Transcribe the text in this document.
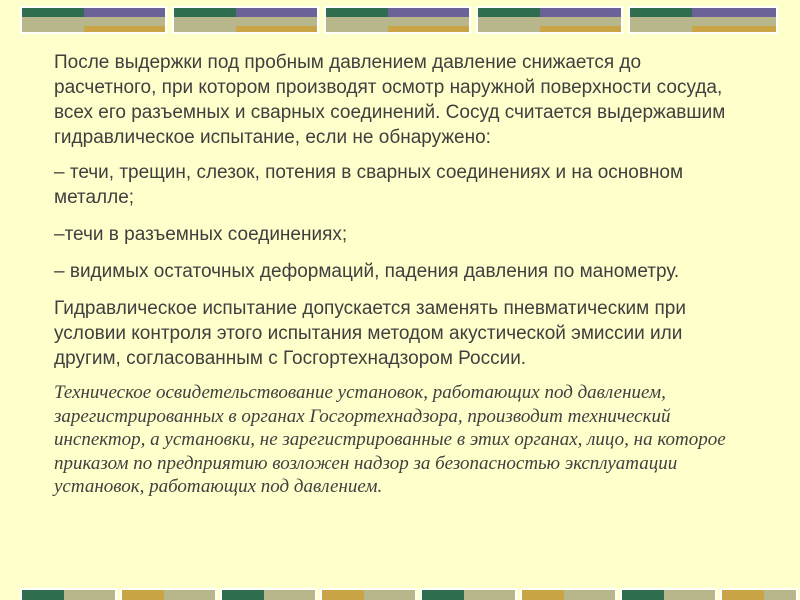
После выдержки под пробным давлением давление снижается до расчетного, при котором производят осмотр наружной поверхности сосуда, всех его разъемных и сварных соединений. Сосуд считается выдержавшим гидравлическое испытание, если не обнаружено:

– течи, трещин, слезок, потения в сварных соединениях и на основном металле;

–течи в разъемных соединениях;

– видимых остаточных деформаций, падения давления по манометру.

Гидравлическое испытание допускается заменять пневматическим при условии контроля этого испытания методом акустической эмиссии или другим, согласованным с Госгортехнадзором России.

Техническое освидетельствование установок, работающих под давлением, зарегистрированных в органах Госгортехнадзора, производит технический инспектор, а установки, не зарегистрированные в этих органах, лицо, на которое приказом по предприятию возложен надзор за безопасностью эксплуатации установок, работающих под давлением.
